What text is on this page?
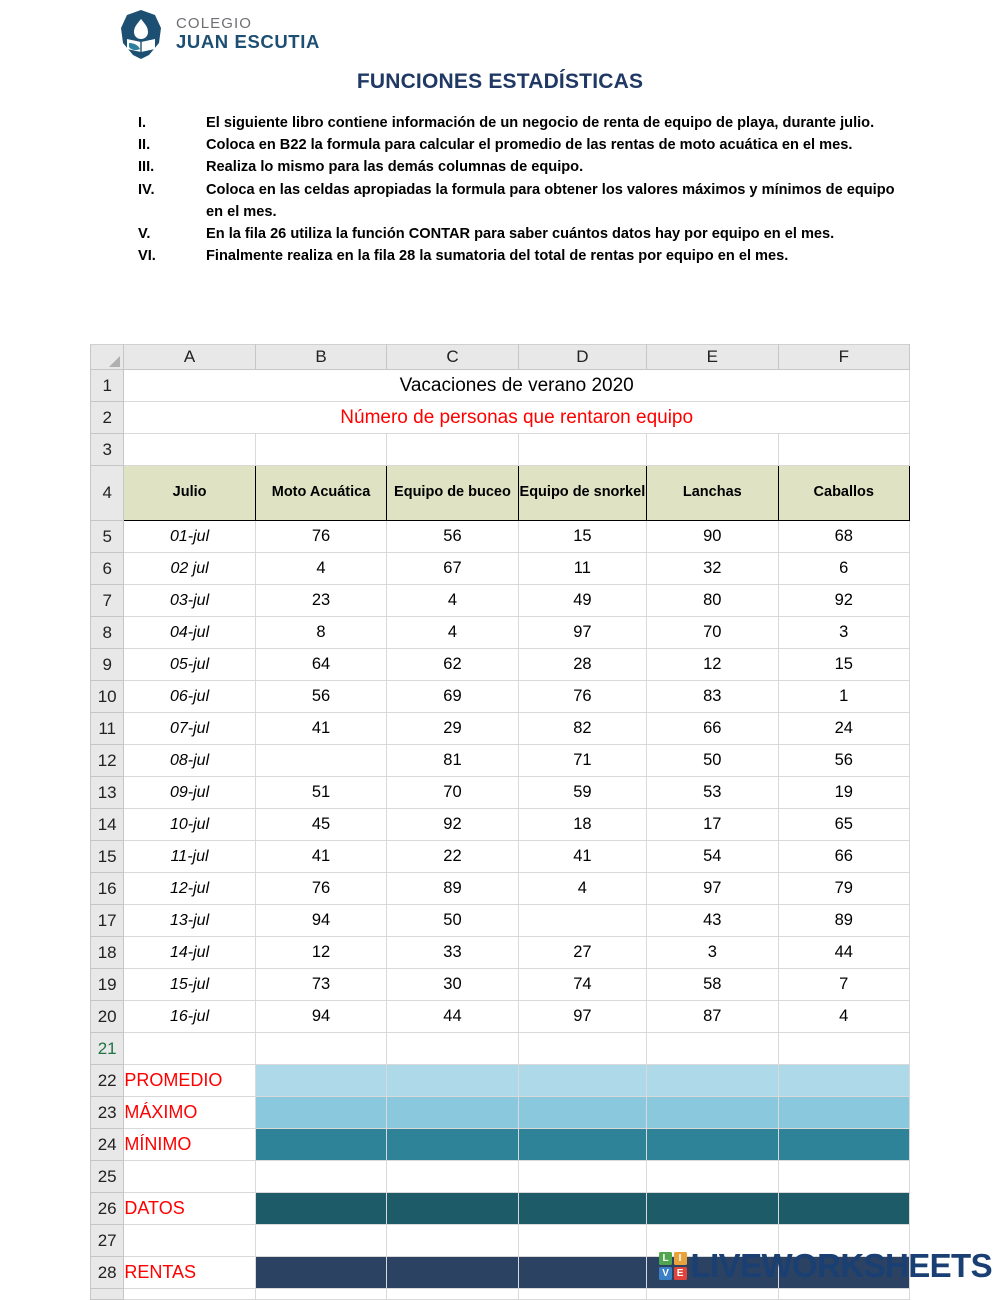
COLEGIO
JUAN ESCUTIA
FUNCIONES ESTADÍSTICAS
I.	El siguiente libro contiene información de un negocio de renta de equipo de playa, durante julio.
II.	Coloca en B22 la formula para calcular el promedio de las rentas de moto acuática en el mes.
III.	Realiza lo mismo para las demás columnas de equipo.
IV.	Coloca en las celdas apropiadas la formula para obtener los valores máximos y mínimos de equipo en el mes.
V.	En la fila 26 utiliza la función CONTAR para saber cuántos datos hay por equipo en el mes.
VI.	Finalmente realiza en la fila 28 la sumatoria del total de rentas por equipo en el mes.
	A	B	C	D	E	F
1	Vacaciones de verano 2020					
2	Número de personas que rentaron equipo					
3						
4	Julio	Moto Acuática	Equipo de buceo	Equipo de snorkel	Lanchas	Caballos
5	01-jul	76	56	15	90	68
6	02 jul	4	67	11	32	6
7	03-jul	23	4	49	80	92
8	04-jul	8	4	97	70	3
9	05-jul	64	62	28	12	15
10	06-jul	56	69	76	83	1
11	07-jul	41	29	82	66	24
12	08-jul		81	71	50	56
13	09-jul	51	70	59	53	19
14	10-jul	45	92	18	17	65
15	11-jul	41	22	41	54	66
16	12-jul	76	89	4	97	79
17	13-jul	94	50		43	89
18	14-jul	12	33	27	3	44
19	15-jul	73	30	74	58	7
20	16-jul	94	44	97	87	4
21						
22	PROMEDIO					
23	MÁXIMO					
24	MÍNIMO					
25						
26	DATOS					
27						
28	RENTAS					

L	I
V E LIVEWORKSHEETS
